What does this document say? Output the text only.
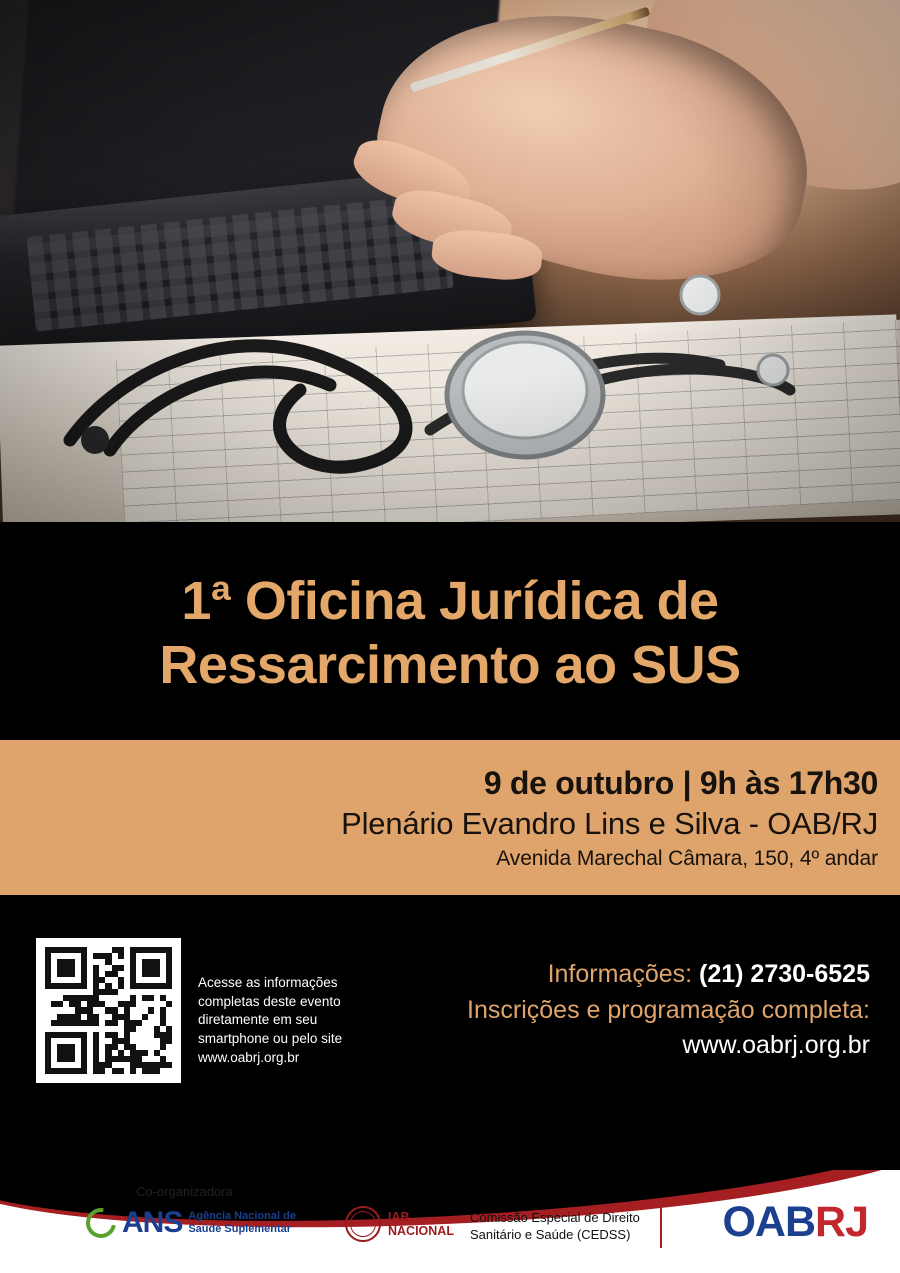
1ª Oficina Jurídica de
Ressarcimento ao SUS
9 de outubro | 9h às 17h30
Plenário Evandro Lins e Silva - OAB/RJ
Avenida Marechal Câmara, 150, 4º andar
Acesse as informações completas deste evento diretamente em seu smartphone ou pelo site www.oabrj.org.br
Informações: (21) 2730-6525
Inscrições e programação completa:
www.oabrj.org.br
Co-organizadora
ANS Agência Nacional de
Saúde Suplementar
IAB
NACIONAL
Comissão Especial de Direito
Sanitário e Saúde (CEDSS) OABRJ
